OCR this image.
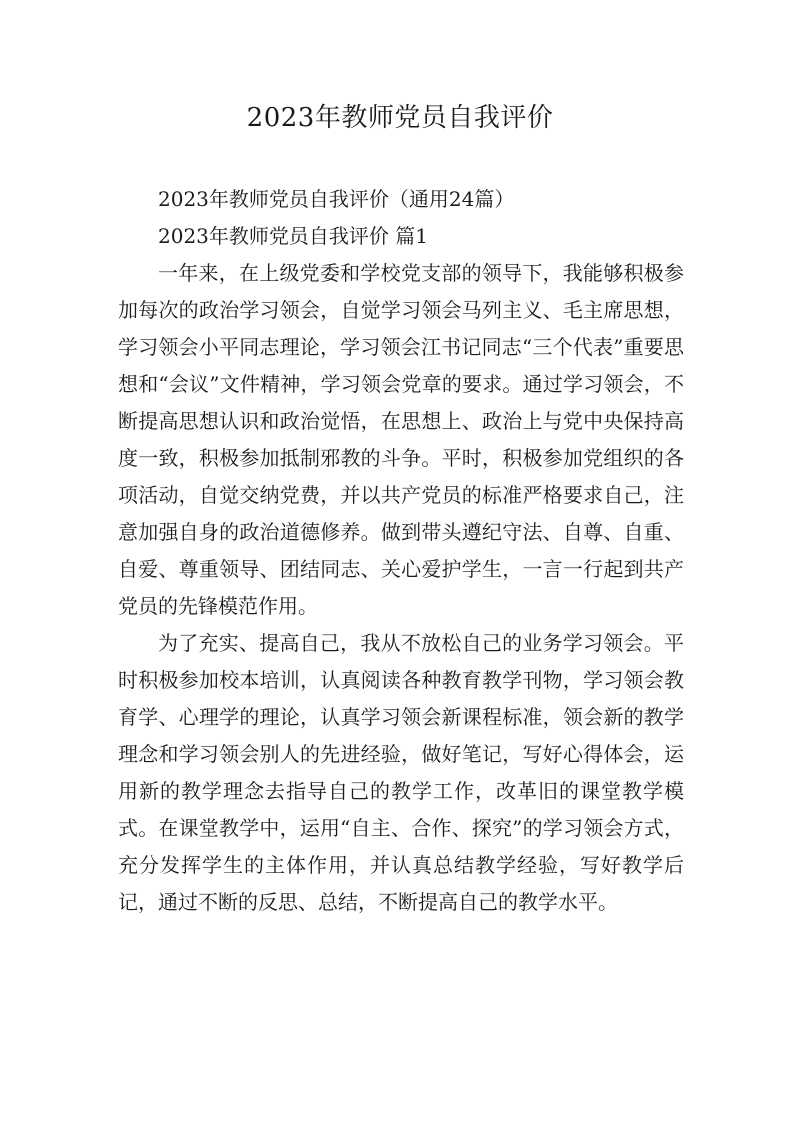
2023年教师党员自我评价

2023年教师党员自我评价（通用24篇）

2023年教师党员自我评价 篇1

一年来，在上级党委和学校党支部的领导下，我能够积极参加每次的政治学习领会，自觉学习领会马列主义、毛主席思想，学习领会小平同志理论，学习领会江书记同志“三个代表”重要思想和“会议”文件精神，学习领会党章的要求。通过学习领会，不断提高思想认识和政治觉悟，在思想上、政治上与党中央保持高度一致，积极参加抵制邪教的斗争。平时，积极参加党组织的各项活动，自觉交纳党费，并以共产党员的标准严格要求自己，注意加强自身的政治道德修养。做到带头遵纪守法、自尊、自重、自爱、尊重领导、团结同志、关心爱护学生，一言一行起到共产党员的先锋模范作用。

为了充实、提高自己，我从不放松自己的业务学习领会。平时积极参加校本培训，认真阅读各种教育教学刊物，学习领会教育学、心理学的理论，认真学习领会新课程标准，领会新的教学理念和学习领会别人的先进经验，做好笔记，写好心得体会，运用新的教学理念去指导自己的教学工作，改革旧的课堂教学模式。在课堂教学中，运用“自主、合作、探究”的学习领会方式，充分发挥学生的主体作用，并认真总结教学经验，写好教学后记，通过不断的反思、总结，不断提高自己的教学水平。
